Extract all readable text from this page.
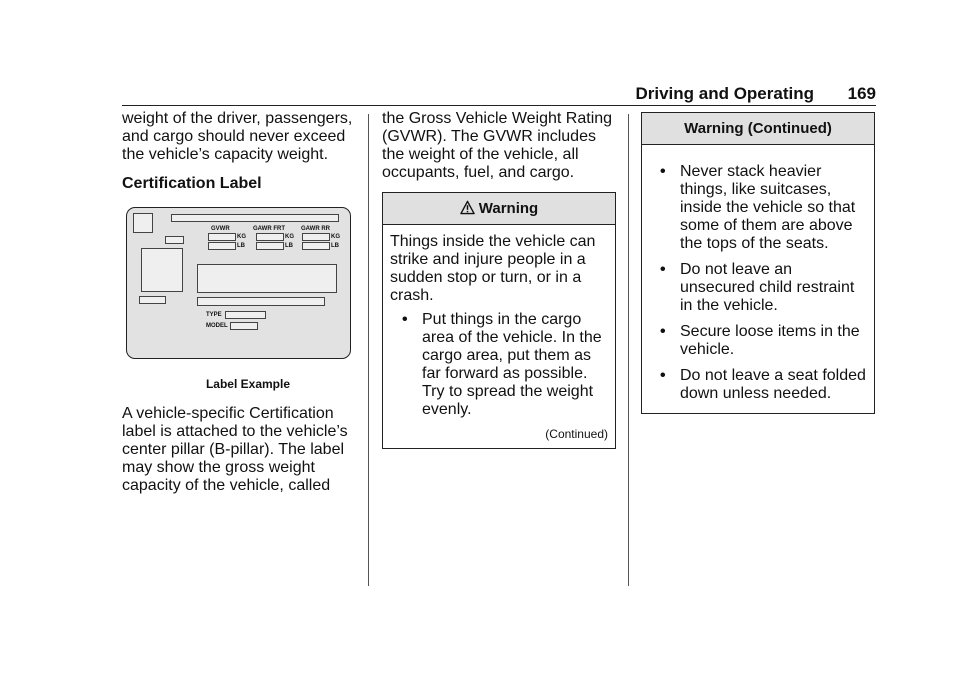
Driving and Operating 169

weight of the driver, passengers, and cargo should never exceed the vehicle’s capacity weight.

Certification Label

GVWR	GAWR FRT	GAWR RR
KG
LB
KG
LB
KG
LB
TYPE
MODEL

Label Example

A vehicle-specific Certification label is attached to the vehicle’s center pillar (B-pillar). The label may show the gross weight capacity of the vehicle, called

the Gross Vehicle Weight Rating (GVWR). The GVWR includes the weight of the vehicle, all occupants, fuel, and cargo.

Warning

Things inside the vehicle can strike and injure people in a sudden stop or turn, or in a crash.

• Put things in the cargo area of the vehicle. In the cargo area, put them as far forward as possible. Try to spread the weight evenly.

(Continued)

Warning (Continued)
• Never stack heavier things, like suitcases, inside the vehicle so that some of them are above the tops of the seats.
• Do not leave an unsecured child restraint in the vehicle.
• Secure loose items in the vehicle.
• Do not leave a seat folded down unless needed.
